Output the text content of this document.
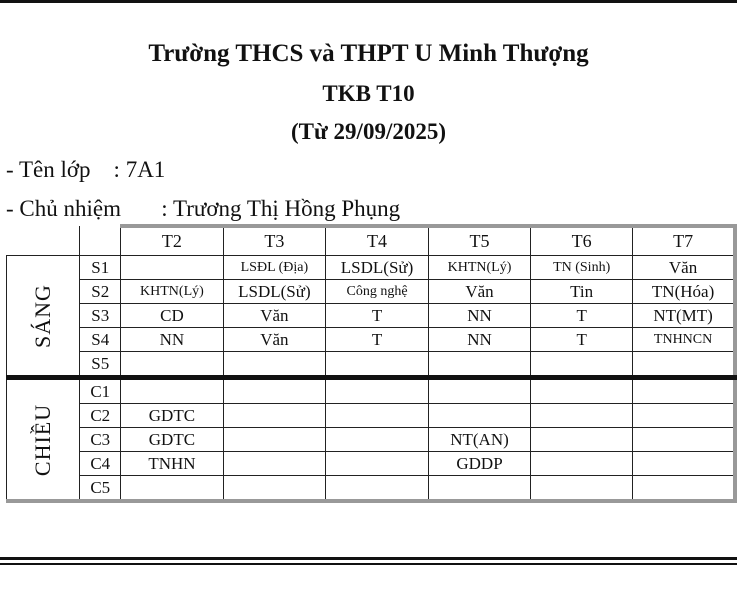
Trường THCS và THPT U Minh Thượng
TKB T10
(Từ 29/09/2025)
- Tên lớp    : 7A1
- Chủ nhiệm       : Trương Thị Hồng Phụng
		T2	T3	T4	T5	T6	T7
SÁNG	S1		LSĐL (Địa)	LSDL(Sử)	KHTN(Lý)	TN (Sinh)	Văn
	S2	KHTN(Lý)	LSDL(Sử)	Công nghệ	Văn	Tin	TN(Hóa)
	S3	CD	Văn	T	NN	T	NT(MT)
	S4	NN	Văn	T	NN	T	TNHNCN
	S5						
CHIỀU	C1						
	C2	GDTC					
	C3	GDTC			NT(AN)		
	C4	TNHN			GDDP		
	C5						
